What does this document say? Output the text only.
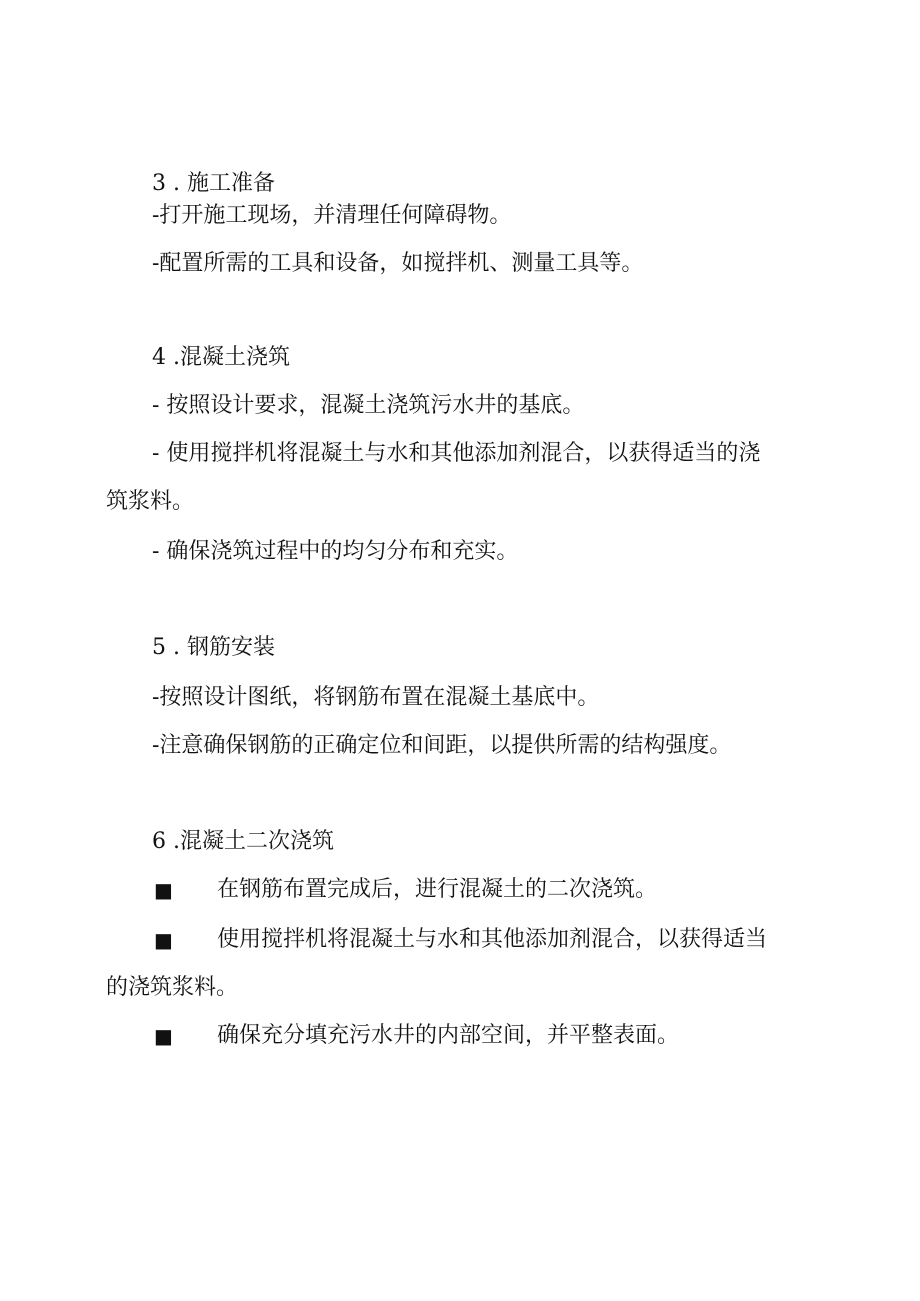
3 . 施工准备

-打开施工现场，并清理任何障碍物。

-配置所需的工具和设备，如搅拌机、测量工具等。

4 .混凝土浇筑

- 按照设计要求，混凝土浇筑污水井的基底。

- 使用搅拌机将混凝土与水和其他添加剂混合，以获得适当的浇

筑浆料。

- 确保浇筑过程中的均匀分布和充实。

5 . 钢筋安装

-按照设计图纸，将钢筋布置在混凝土基底中。

-注意确保钢筋的正确定位和间距，以提供所需的结构强度。

6 .混凝土二次浇筑

■ 在钢筋布置完成后，进行混凝土的二次浇筑。

■ 使用搅拌机将混凝土与水和其他添加剂混合，以获得适当

的浇筑浆料。

■ 确保充分填充污水井的内部空间，并平整表面。
